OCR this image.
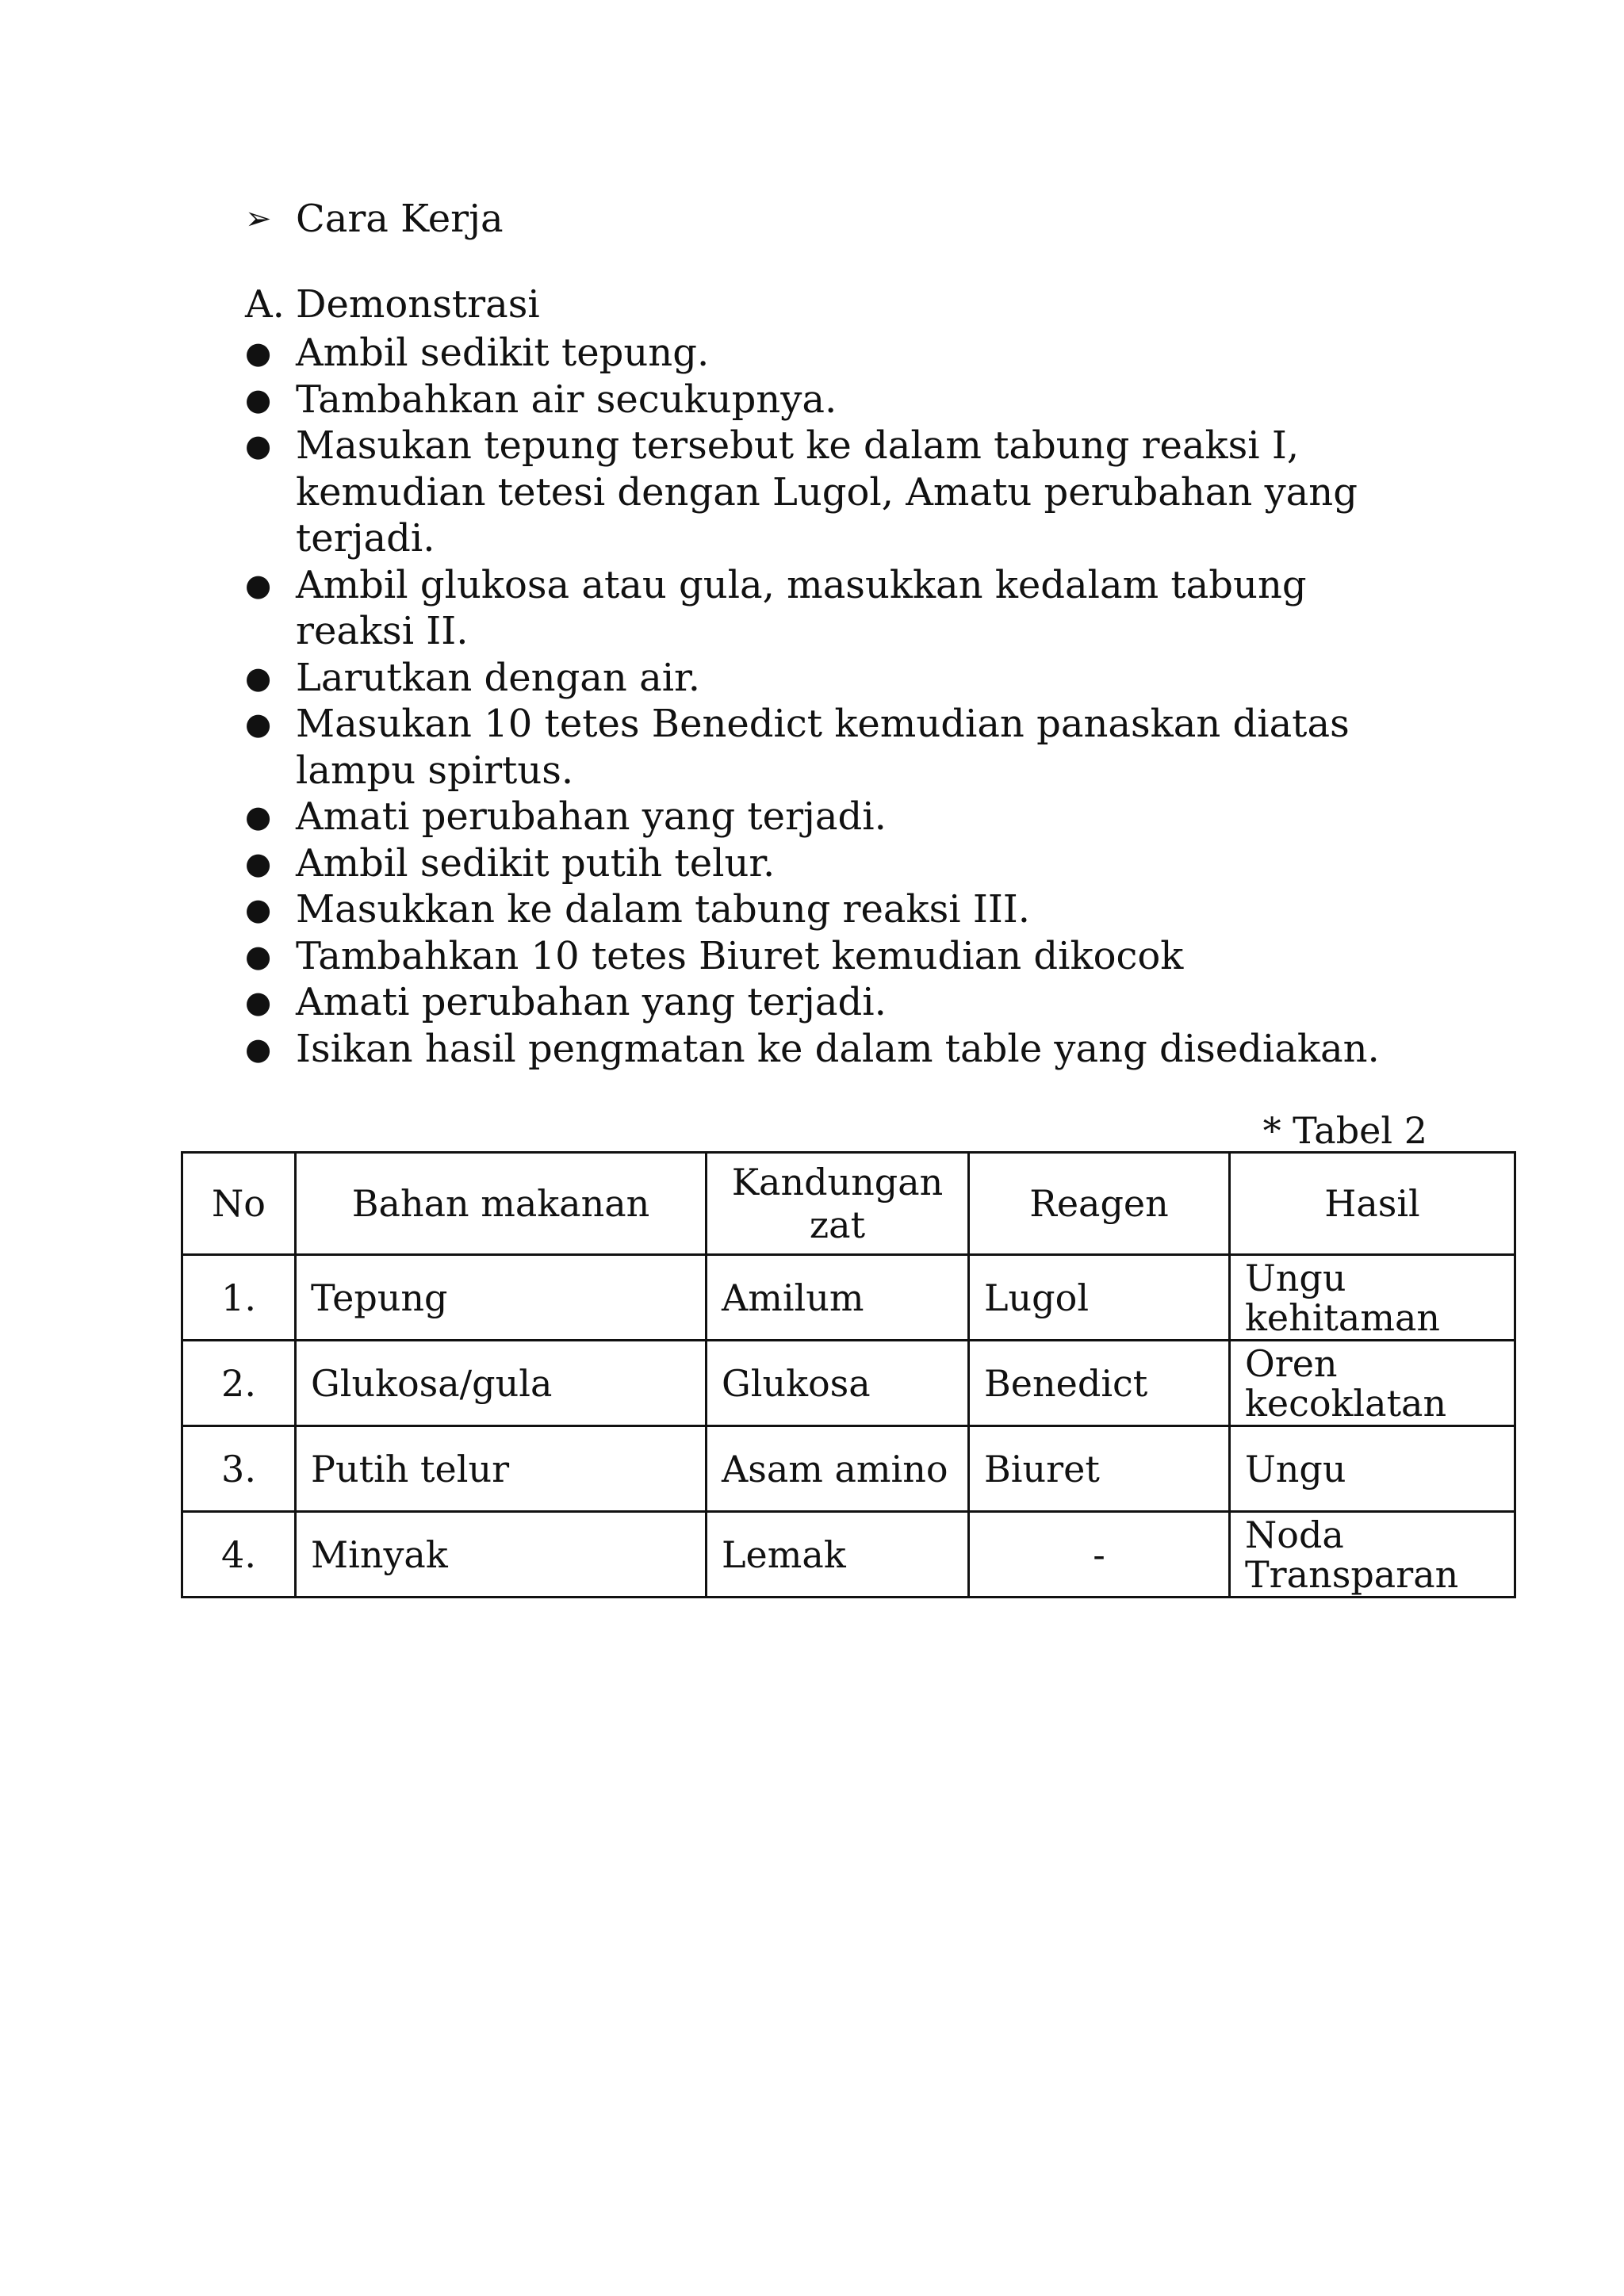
➢ Cara Kerja
A. Demonstrasi
● Ambil sedikit tepung.
● Tambahkan air secukupnya.
● Masukan tepung tersebut ke dalam tabung reaksi I, kemudian tetesi dengan Lugol, Amatu perubahan yang terjadi.
● Ambil glukosa atau gula, masukkan kedalam tabung reaksi II.
● Larutkan dengan air.
● Masukan 10 tetes Benedict kemudian panaskan diatas lampu spirtus.
● Amati perubahan yang terjadi.
● Ambil sedikit putih telur.
● Masukkan ke dalam tabung reaksi III.
● Tambahkan 10 tetes Biuret kemudian dikocok
● Amati perubahan yang terjadi.
● Isikan hasil pengmatan ke dalam table yang disediakan.
* Tabel 2
No	Bahan makanan	Kandungan zat	Reagen	Hasil
1.	Tepung	Amilum	Lugol	Ungu kehitaman
2.	Glukosa/gula	Glukosa	Benedict	Oren kecoklatan
3.	Putih telur	Asam amino	Biuret	Ungu
4.	Minyak	Lemak	-	Noda Transparan
